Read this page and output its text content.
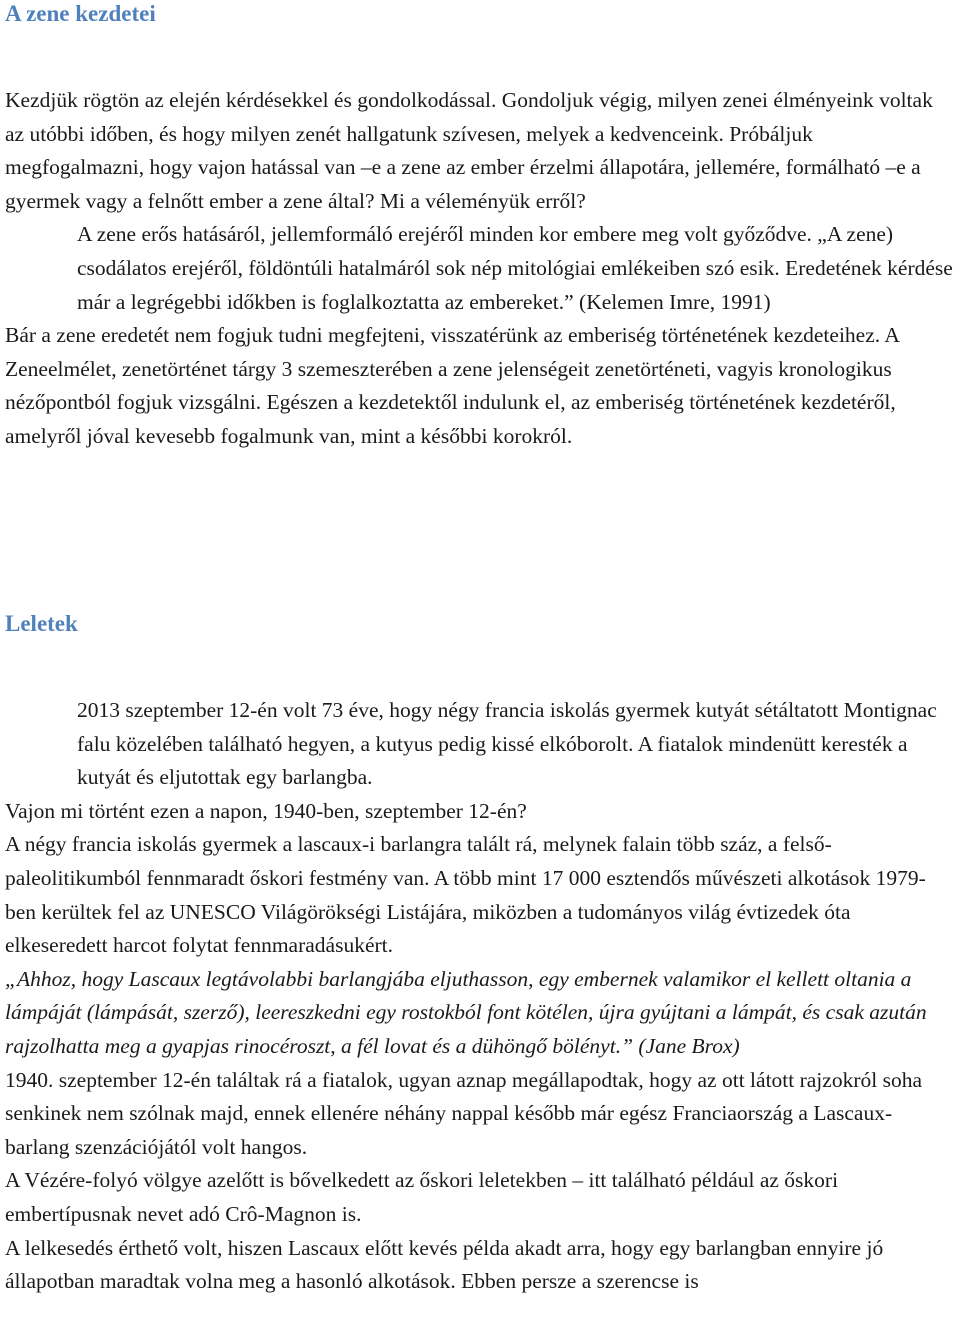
A zene kezdetei

Kezdjük rögtön az elején kérdésekkel és gondolkodással. Gondoljuk végig, milyen zenei élményeink voltak az utóbbi időben, és hogy milyen zenét hallgatunk szívesen, melyek a kedvenceink. Próbáljuk megfogalmazni, hogy vajon hatással van –e a zene az ember érzelmi állapotára, jellemére, formálható –e a gyermek vagy a felnőtt ember a zene által? Mi a véleményük erről?

A zene erős hatásáról, jellemformáló erejéről minden kor embere meg volt győződve. „A zene) csodálatos erejéről, földöntúli hatalmáról sok nép mitológiai emlékeiben szó esik. Eredetének kérdése már a legrégebbi időkben is foglalkoztatta az embereket.” (Kelemen Imre, 1991)

Bár a zene eredetét nem fogjuk tudni megfejteni, visszatérünk az emberiség történetének kezdeteihez. A Zeneelmélet, zenetörténet tárgy 3 szemeszterében a zene jelenségeit zenetörténeti, vagyis kronologikus nézőpontból fogjuk vizsgálni. Egészen a kezdetektől indulunk el, az emberiség történetének kezdetéről, amelyről jóval kevesebb fogalmunk van, mint a későbbi korokról.

Leletek

2013 szeptember 12-én volt 73 éve, hogy négy francia iskolás gyermek kutyát sétáltatott Montignac falu közelében található hegyen, a kutyus pedig kissé elkóborolt. A fiatalok mindenütt keresték a kutyát és eljutottak egy barlangba.

Vajon mi történt ezen a napon, 1940-ben, szeptember 12-én?

A négy francia iskolás gyermek a lascaux-i barlangra talált rá, melynek falain több száz, a felső-paleolitikumból fennmaradt őskori festmény van. A több mint 17 000 esztendős művészeti alkotások 1979-ben kerültek fel az UNESCO Világörökségi Listájára, miközben a tudományos világ évtizedek óta elkeseredett harcot folytat fennmaradásukért.

„Ahhoz, hogy Lascaux legtávolabbi barlangjába eljuthasson, egy embernek valamikor el kellett oltania a lámpáját (lámpását, szerző), leereszkedni egy rostokból font kötélen, újra gyújtani a lámpát, és csak azután rajzolhatta meg a gyapjas rinocéroszt, a fél lovat és a dühöngő bölényt.” (Jane Brox)

1940. szeptember 12-én találtak rá a fiatalok, ugyan aznap megállapodtak, hogy az ott látott rajzokról soha senkinek nem szólnak majd, ennek ellenére néhány nappal később már egész Franciaország a Lascaux-barlang szenzációjától volt hangos.

A Vézére-folyó völgye azelőtt is bővelkedett az őskori leletekben – itt található például az őskori embertípusnak nevet adó Crô-Magnon is.

A lelkesedés érthető volt, hiszen Lascaux előtt kevés példa akadt arra, hogy egy barlangban ennyire jó állapotban maradtak volna meg a hasonló alkotások. Ebben persze a szerencse is
